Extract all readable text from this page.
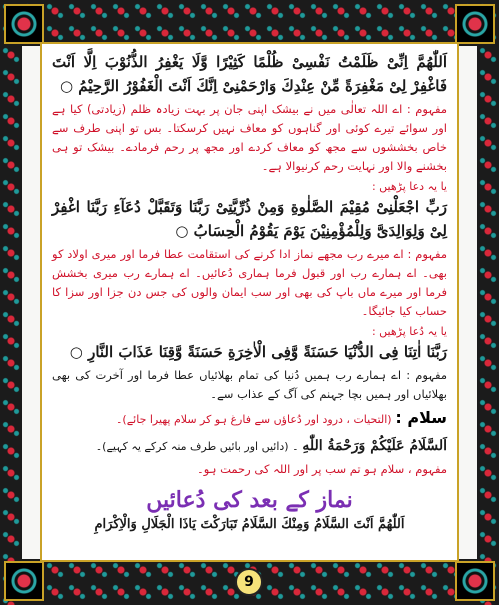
اَللّٰهُمَّ اِنِّیْ ظَلَمْتُ نَفْسِیْ ظُلْمًا كَثِیْرًا وَّلَا یَغْفِرُ الذُّنُوْبَ اِلَّا اَنْتَ فَاغْفِرْ لِیْ مَغْفِرَةً مِّنْ عِنْدِكَ وَارْحَمْنِیْ اِنَّكَ اَنْتَ الْغَفُوْرُ الرَّحِیْمُ ○

مفہوم : اے اللہ تعالٰی میں نے بیشک اپنی جان پر بہت زیادہ ظلم (زیادتی) کیا ہے اور سوائے تیرے کوئی اور گناہوں کو معاف نہیں کرسکتا۔ بس تو اپنی طرف سے خاص بخششوں سے مجھ کو معاف کردے اور مجھ پر رحم فرمادے۔ بیشک تو ہی بخشنے والا اور نہایت رحم کرنیوالا ہے۔

یا یہ دعا پڑھیں :

رَبِّ اجْعَلْنِیْ مُقِیْمَ الصَّلٰوةِ وَمِنْ ذُرِّیَّتِیْ رَبَّنَا وَتَقَبَّلْ دُعَآءِ رَبَّنَا اغْفِرْ لِیْ وَلِوَالِدَیَّ وَلِلْمُؤْمِنِیْنَ یَوْمَ یَقُوْمُ الْحِسَابُ ○

مفہوم : اے میرے رب مجھے نماز ادا کرنے کی استقامت عطا فرما اور میری اولاد کو بھی۔ اے ہمارے رب اور قبول فرما ہماری دُعائیں۔ اے ہمارے رب میری بخشش فرما اور میرے ماں باپ کی بھی اور سب ایمان والوں کی جس دن جزا اور سزا کا حساب کیا جائیگا۔

یا یہ دُعا پڑھیں :

رَبَّنَا اٰتِنَا فِی الدُّنْیَا حَسَنَةً وَّفِی الْاٰخِرَةِ حَسَنَةً وَّقِنَا عَذَابَ النَّارِ ○

مفہوم : اے ہمارے رب ہمیں دُنیا کی تمام بھلائیاں عطا فرما اور آخرت کی بھی بھلائیاں اور ہمیں بچا جہنم کی آگ کے عذاب سے۔

سلام : (التحیات ، درود اور دُعاؤں سے فارغ ہو کر سلام پھیرا جائے)۔

اَلسَّلَامُ عَلَیْكُمْ وَرَحْمَةُ اللّٰهِ ۔ (دائیں اور بائیں طرف منہ کرکے یہ کہیے)۔

مفہوم ، سلام ہو تم سب پر اور اللہ کی رحمت ہو۔

نماز کے بعد کی دُعائیں

اَللّٰهُمَّ اَنْتَ السَّلَامُ وَمِنْكَ السَّلَامُ تَبَارَكْتَ یَاذَا الْجَلَالِ وَالْاِكْرَامِ

9
